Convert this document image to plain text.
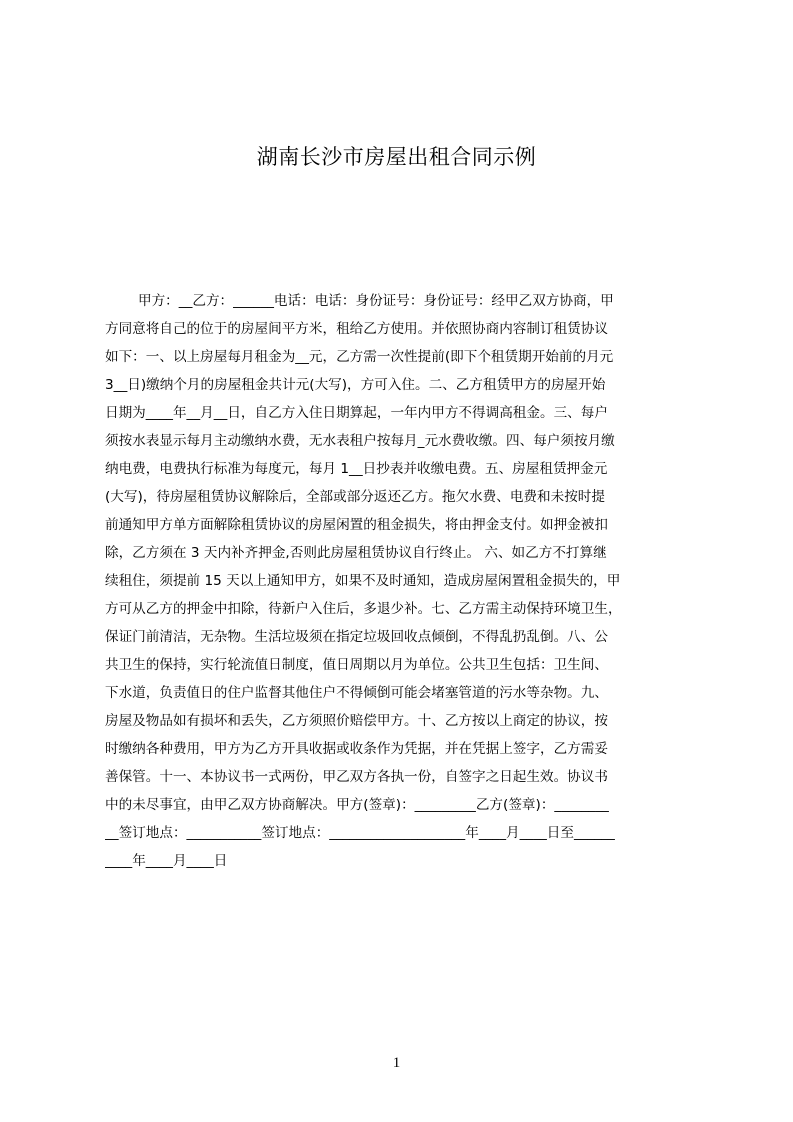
湖南长沙市房屋出租合同示例
甲方：__乙方：______电话：电话：身份证号：身份证号：经甲乙双方协商，甲
方同意将自己的位于的房屋间平方米，租给乙方使用。并依照协商内容制订租赁协议
如下：一、以上房屋每月租金为__元，乙方需一次性提前(即下个租赁期开始前的月元
3__日)缴纳个月的房屋租金共计元(大写)，方可入住。二、乙方租赁甲方的房屋开始
日期为____年__月__日，自乙方入住日期算起，一年内甲方不得调高租金。三、每户
须按水表显示每月主动缴纳水费，无水表租户按每月_元水费收缴。四、每户须按月缴
纳电费，电费执行标准为每度元，每月 1__日抄表并收缴电费。五、房屋租赁押金元
(大写)，待房屋租赁协议解除后，全部或部分返还乙方。拖欠水费、电费和未按时提
前通知甲方单方面解除租赁协议的房屋闲置的租金损失，将由押金支付。如押金被扣
除，乙方须在 3 天内补齐押金,否则此房屋租赁协议自行终止。 六、如乙方不打算继
续租住，须提前 15 天以上通知甲方，如果不及时通知，造成房屋闲置租金损失的，甲
方可从乙方的押金中扣除，待新户入住后，多退少补。七、乙方需主动保持环境卫生，
保证门前清洁，无杂物。生活垃圾须在指定垃圾回收点倾倒，不得乱扔乱倒。八、公
共卫生的保持，实行轮流值日制度，值日周期以月为单位。公共卫生包括：卫生间、
下水道，负责值日的住户监督其他住户不得倾倒可能会堵塞管道的污水等杂物。九、
房屋及物品如有损坏和丢失，乙方须照价赔偿甲方。十、乙方按以上商定的协议，按
时缴纳各种费用，甲方为乙方开具收据或收条作为凭据，并在凭据上签字，乙方需妥
善保管。十一、本协议书一式两份，甲乙双方各执一份，自签字之日起生效。协议书
中的未尽事宜，由甲乙双方协商解决。甲方(签章)：_________乙方(签章)：________
__签订地点：___________签订地点：____________________年____月____日至______
____年____月____日
1
